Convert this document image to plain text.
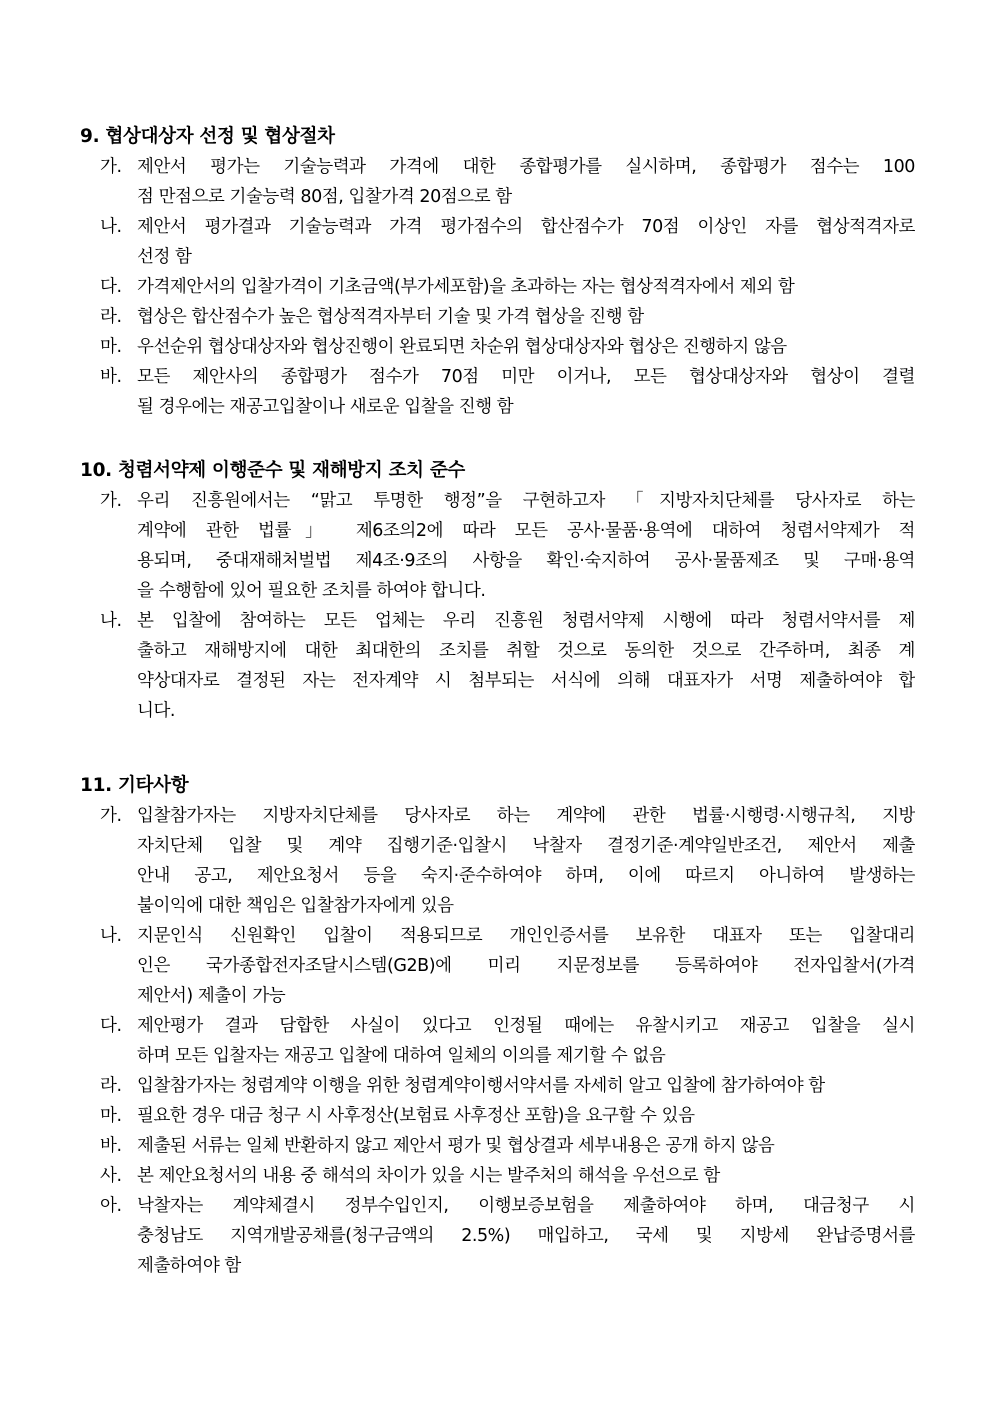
9. 협상대상자 선정 및 협상절차
가. 제안서 평가는 기술능력과 가격에 대한 종합평가를 실시하며, 종합평가 점수는 100
점 만점으로 기술능력 80점, 입찰가격 20점으로 함
나. 제안서 평가결과 기술능력과 가격 평가점수의 합산점수가 70점 이상인 자를 협상적격자로
선정 함
다. 가격제안서의 입찰가격이 기초금액(부가세포함)을 초과하는 자는 협상적격자에서 제외 함
라. 협상은 합산점수가 높은 협상적격자부터 기술 및 가격 협상을 진행 함
마. 우선순위 협상대상자와 협상진행이 완료되면 차순위 협상대상자와 협상은 진행하지 않음
바. 모든 제안사의 종합평가 점수가 70점 미만 이거나, 모든 협상대상자와 협상이 결렬
될 경우에는 재공고입찰이나 새로운 입찰을 진행 함
10. 청렴서약제 이행준수 및 재해방지 조치 준수
가. 우리 진흥원에서는 “맑고 투명한 행정”을 구현하고자 「지방자치단체를 당사자로 하는
계약에 관한 법률」 제6조의2에 따라 모든 공사·물품·용역에 대하여 청렴서약제가 적
용되며, 중대재해처벌법 제4조·9조의 사항을 확인·숙지하여 공사·물품제조 및 구매·용역
을 수행함에 있어 필요한 조치를 하여야 합니다.
나. 본 입찰에 참여하는 모든 업체는 우리 진흥원 청렴서약제 시행에 따라 청렴서약서를 제
출하고 재해방지에 대한 최대한의 조치를 취할 것으로 동의한 것으로 간주하며, 최종 계
약상대자로 결정된 자는 전자계약 시 첨부되는 서식에 의해 대표자가 서명 제출하여야 합
니다.
11. 기타사항
가. 입찰참가자는 지방자치단체를 당사자로 하는 계약에 관한 법률·시행령·시행규칙, 지방
자치단체 입찰 및 계약 집행기준·입찰시 낙찰자 결정기준·계약일반조건, 제안서 제출
안내 공고, 제안요청서 등을 숙지·준수하여야 하며, 이에 따르지 아니하여 발생하는
불이익에 대한 책임은 입찰참가자에게 있음
나. 지문인식 신원확인 입찰이 적용되므로 개인인증서를 보유한 대표자 또는 입찰대리
인은 국가종합전자조달시스템(G2B)에 미리 지문정보를 등록하여야 전자입찰서(가격
제안서) 제출이 가능
다. 제안평가 결과 담합한 사실이 있다고 인정될 때에는 유찰시키고 재공고 입찰을 실시
하며 모든 입찰자는 재공고 입찰에 대하여 일체의 이의를 제기할 수 없음
라. 입찰참가자는 청렴계약 이행을 위한 청렴계약이행서약서를 자세히 알고 입찰에 참가하여야 함
마. 필요한 경우 대금 청구 시 사후정산(보험료 사후정산 포함)을 요구할 수 있음
바. 제출된 서류는 일체 반환하지 않고 제안서 평가 및 협상결과 세부내용은 공개 하지 않음
사. 본 제안요청서의 내용 중 해석의 차이가 있을 시는 발주처의 해석을 우선으로 함
아. 낙찰자는 계약체결시 정부수입인지, 이행보증보험을 제출하여야 하며, 대금청구 시
충청남도 지역개발공채를(청구금액의 2.5%) 매입하고, 국세 및 지방세 완납증명서를
제출하여야 함
